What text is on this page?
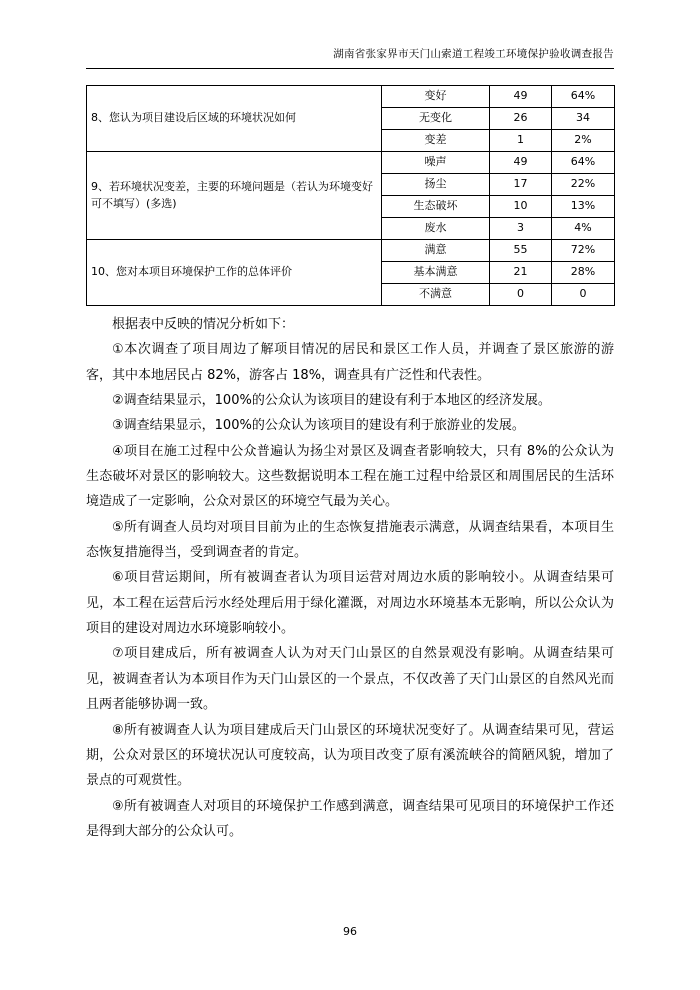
湖南省张家界市天门山索道工程竣工环境保护验收调查报告
8、您认为项目建设后区域的环境状况如何	变好	49	64%
	无变化	26	34
	变差	1	2%
9、若环境状况变差，主要的环境问题是（若认为环境变好可不填写）(多选)	噪声	49	64%
	扬尘	17	22%
	生态破坏	10	13%
	废水	3	4%
10、您对本项目环境保护工作的总体评价	满意	55	72%
	基本满意	21	28%
	不满意	0	0

根据表中反映的情况分析如下：

①本次调查了项目周边了解项目情况的居民和景区工作人员，并调查了景区旅游的游客，其中本地居民占 82%，游客占 18%，调查具有广泛性和代表性。

②调查结果显示，100%的公众认为该项目的建设有利于本地区的经济发展。

③调查结果显示，100%的公众认为该项目的建设有利于旅游业的发展。

④项目在施工过程中公众普遍认为扬尘对景区及调查者影响较大，只有 8%的公众认为生态破坏对景区的影响较大。这些数据说明本工程在施工过程中给景区和周围居民的生活环境造成了一定影响，公众对景区的环境空气最为关心。

⑤所有调查人员均对项目目前为止的生态恢复措施表示满意，从调查结果看，本项目生态恢复措施得当，受到调查者的肯定。

⑥项目营运期间，所有被调查者认为项目运营对周边水质的影响较小。从调查结果可见，本工程在运营后污水经处理后用于绿化灌溉，对周边水环境基本无影响，所以公众认为项目的建设对周边水环境影响较小。

⑦项目建成后，所有被调查人认为对天门山景区的自然景观没有影响。从调查结果可见，被调查者认为本项目作为天门山景区的一个景点，不仅改善了天门山景区的自然风光而且两者能够协调一致。

⑧所有被调查人认为项目建成后天门山景区的环境状况变好了。从调查结果可见，营运期，公众对景区的环境状况认可度较高，认为项目改变了原有溪流峡谷的简陋风貌，增加了景点的可观赏性。

⑨所有被调查人对项目的环境保护工作感到满意，调查结果可见项目的环境保护工作还是得到大部分的公众认可。

96
